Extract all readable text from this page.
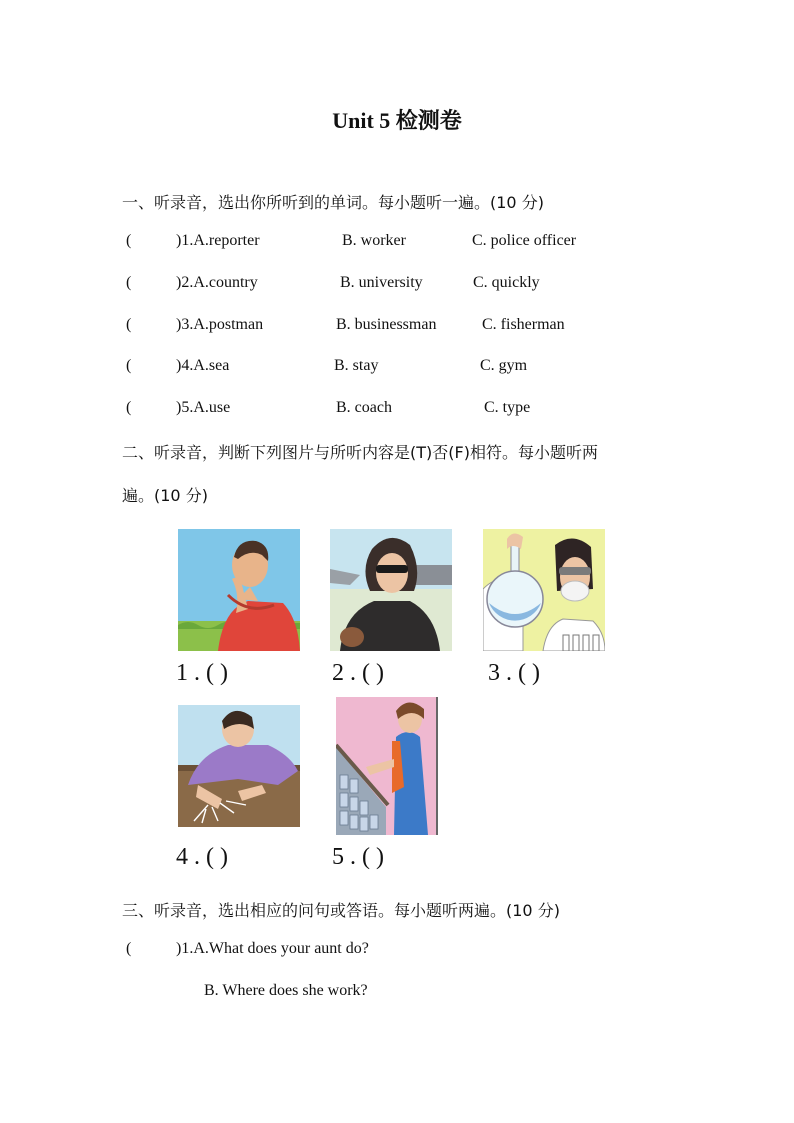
Unit 5 检测卷
一、听录音，选出你所听到的单词。每小题听一遍。(10 分)
(	)1.A.reporter	B. worker	C. police officer
(	)2.A.country	B. university	C. quickly
(	)3.A.postman	B. businessman	C. fisherman
(	)4.A.sea	B. stay	C. gym
(	)5.A.use	B. coach	C. type
二、听录音，判断下列图片与所听内容是(T)否(F)相符。每小题听两
遍。(10 分)
1 . ( )	2 . ( )	3 . ( )
4 . ( )	5 . ( )
三、听录音，选出相应的问句或答语。每小题听两遍。(10 分)
(	)1.A.What does your aunt do?
B. Where does she work?
